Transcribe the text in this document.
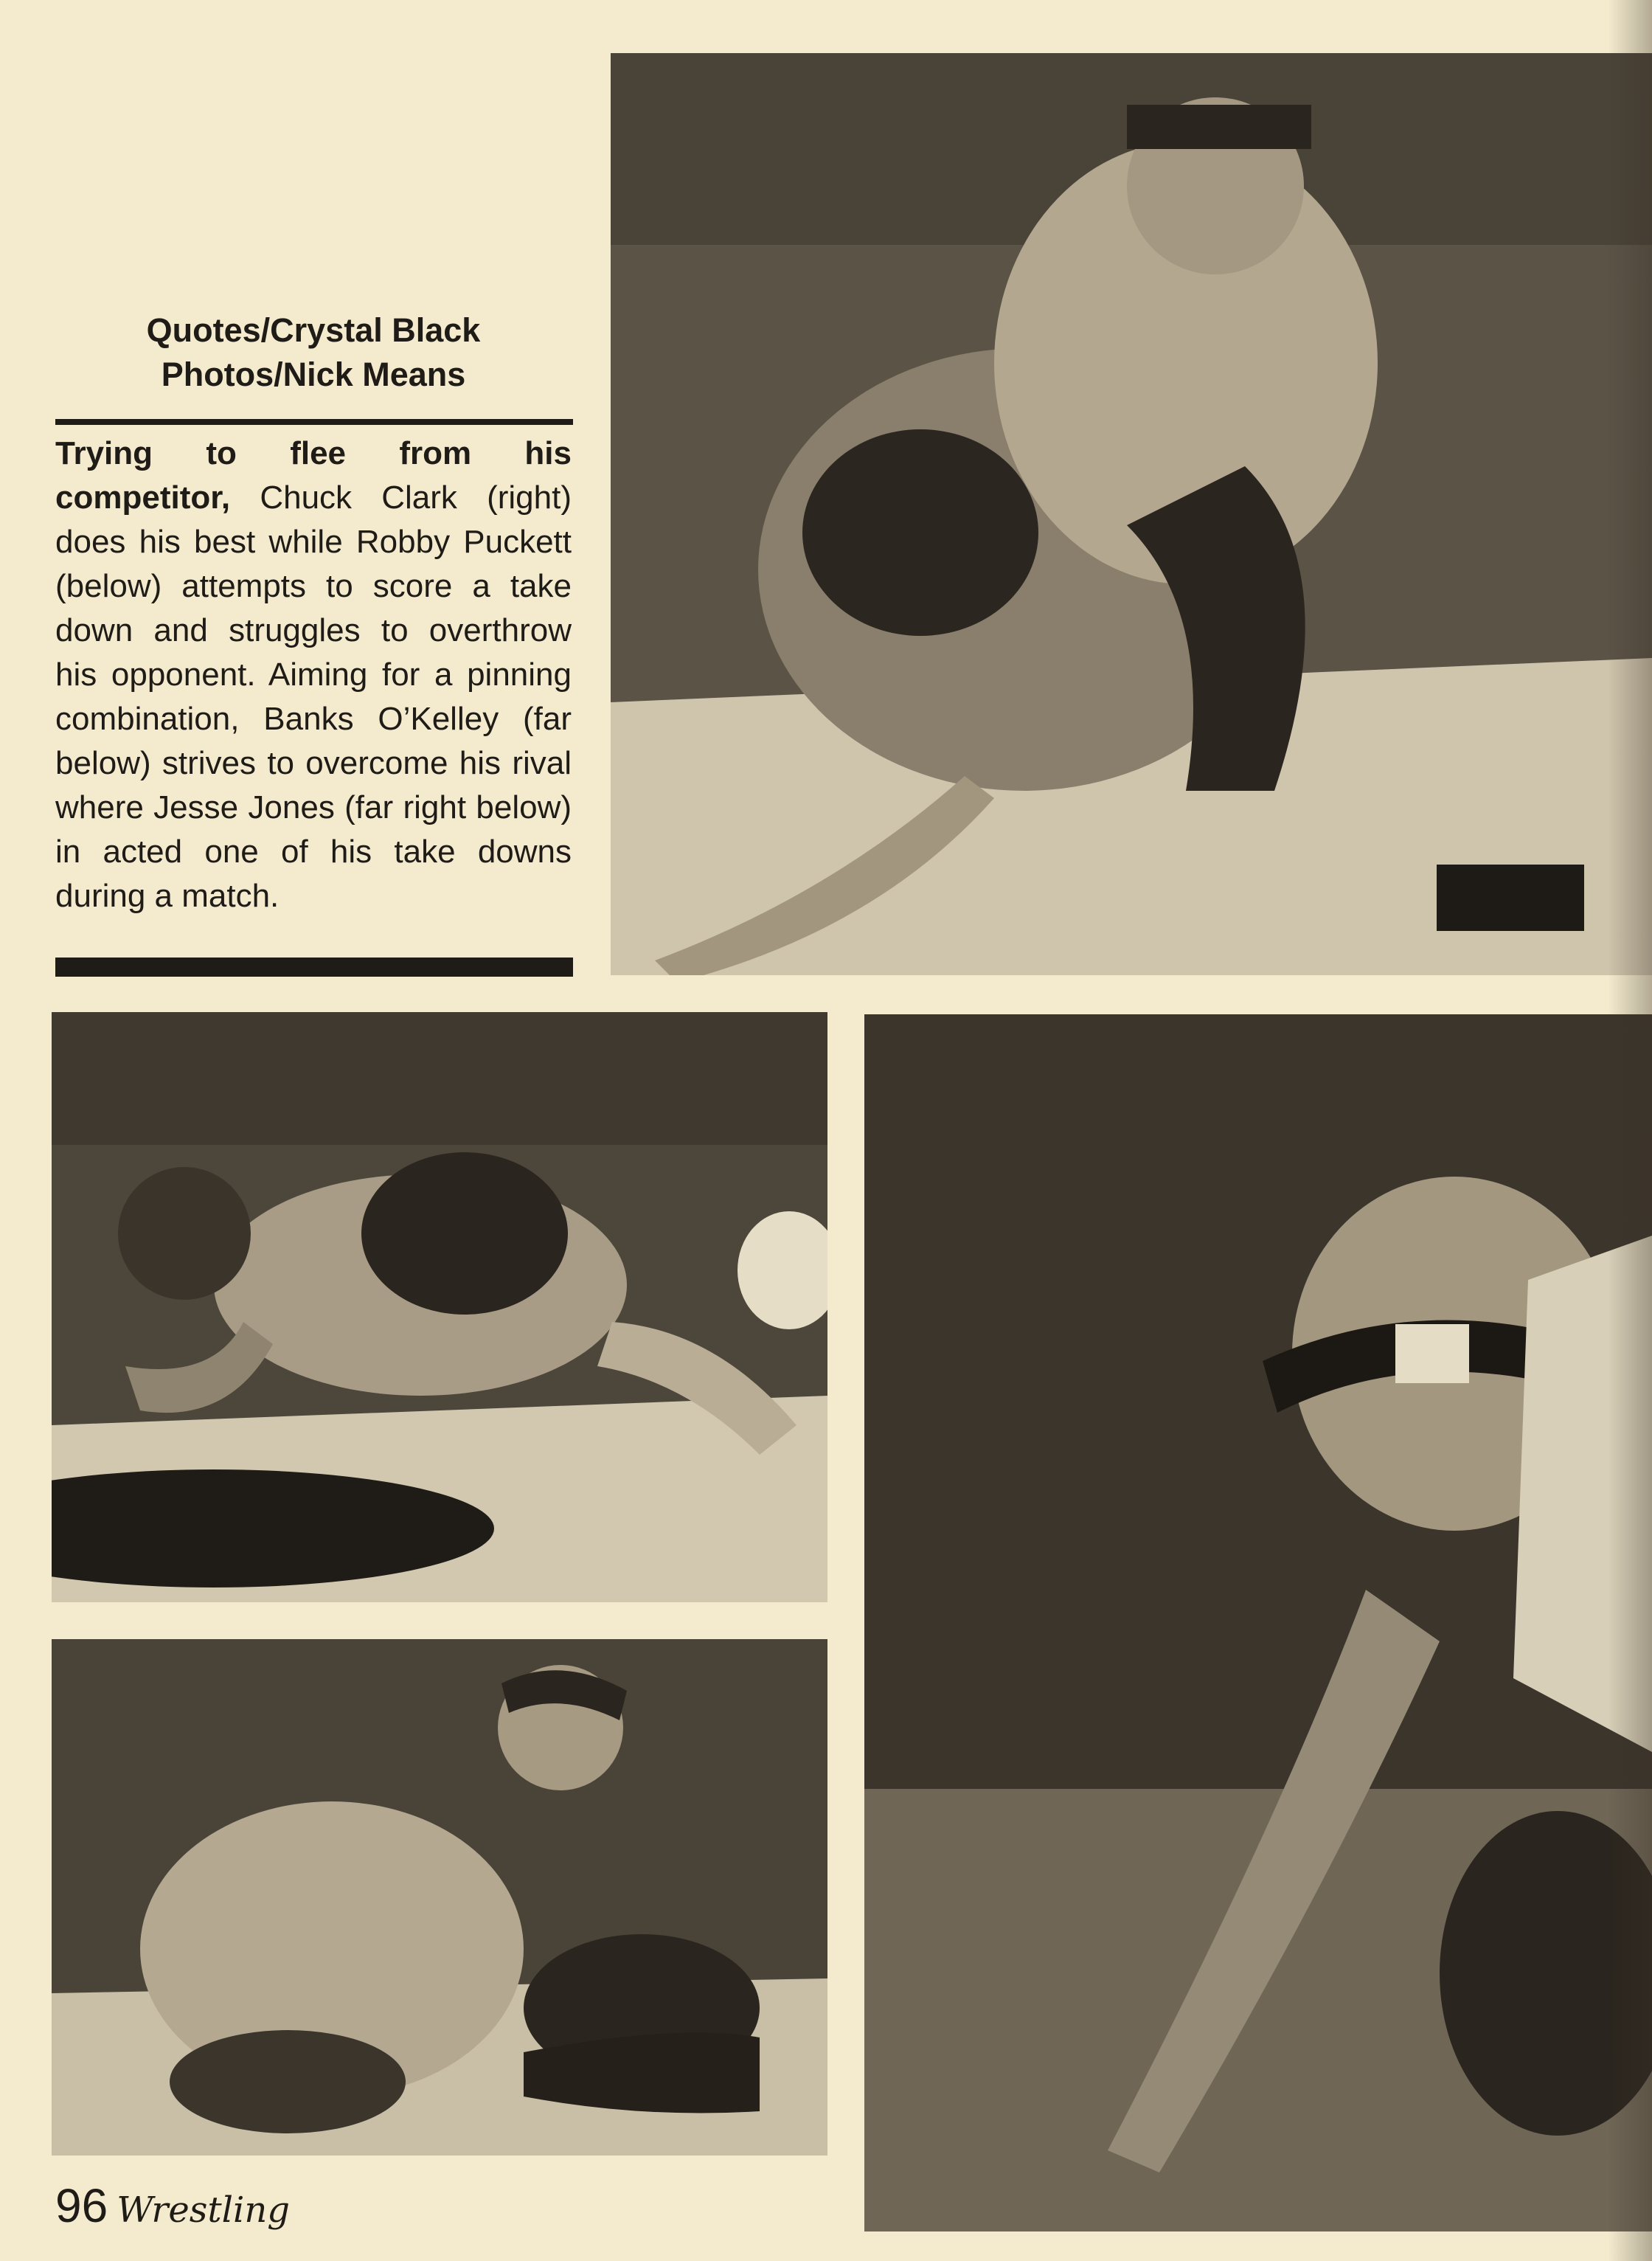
Quotes/Crystal Black
Photos/Nick Means
Trying to flee from his competitor, Chuck Clark (right) does his best while Robby Puckett (below) attempts to score a take down and struggles to overthrow his opponent. Aiming for a pinning combination, Banks O’Kelley (far below) strives to overcome his rival where Jesse Jones (far right below) in acted one of his take downs during a match.
96 Wrestling
